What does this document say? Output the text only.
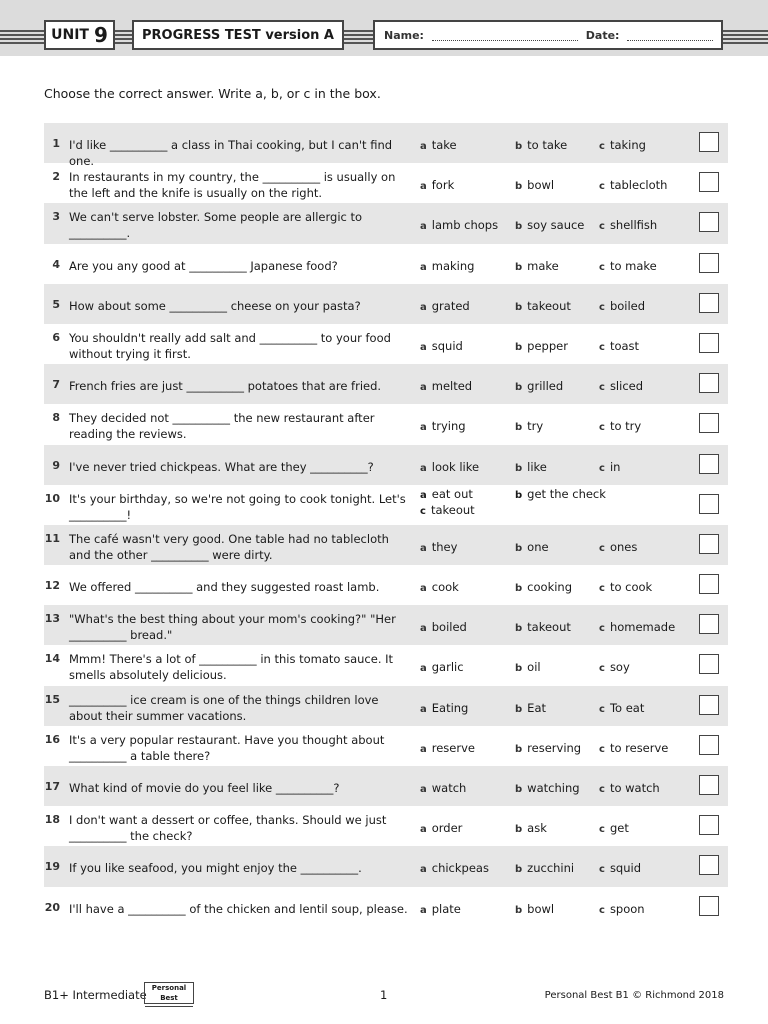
UNIT 9	PROGRESS TEST version A	Name:	Date:
Choose the correct answer. Write a, b, or c in the box.
1 I'd like __________ a class in Thai cooking, but I can't find one.
a take	b to take	c taking
2 In restaurants in my country, the __________ is usually on the left and the knife is usually on the right.	a fork	b bowl	c tablecloth
3 We can't serve lobster. Some people are allergic to __________.	a lamb chops b soy sauce c shellfish
4 Are you any good at __________ Japanese food?	a making	b make	c to make
5 How about some __________ cheese on your pasta?	a grated	b takeout	c boiled
6 You shouldn't really add salt and __________ to your food without trying it first.	a squid	b pepper	c toast
7 French fries are just __________ potatoes that are fried.	a melted	b grilled	c sliced
8 They decided not __________ the new restaurant after reading the reviews.	a trying	b try	c to try
9 I've never tried chickpeas. What are they __________?	a look like	b like	c in
10 It's your birthday, so we're not going to cook tonight. Let's __________!
a eat out
c takeout
b get the check
11 The café wasn't very good. One table had no tablecloth and the other __________ were dirty.	a they	b one	c ones
12 We offered __________ and they suggested roast lamb.	a cook	b cooking	c to cook
13 "What's the best thing about your mom's cooking?" "Her __________ bread."	a boiled	b takeout	c homemade
14 Mmm! There's a lot of __________ in this tomato sauce. It smells absolutely delicious.	a garlic	b oil	c soy
15 __________ ice cream is one of the things children love about their summer vacations.	a Eating	b Eat	c To eat
16 It's a very popular restaurant. Have you thought about __________ a table there?	a reserve	b reserving c to reserve
17 What kind of movie do you feel like __________?	a watch	b watching c to watch
18 I don't want a dessert or coffee, thanks. Should we just __________ the check?	a order	b ask	c get
19 If you like seafood, you might enjoy the __________.	a chickpeas	b zucchini c squid
20 I'll have a __________ of the chicken and lentil soup, please.	a plate	b bowl	c spoon
B1+ Intermediate Personal Best	1	Personal Best B1 © Richmond 2018
